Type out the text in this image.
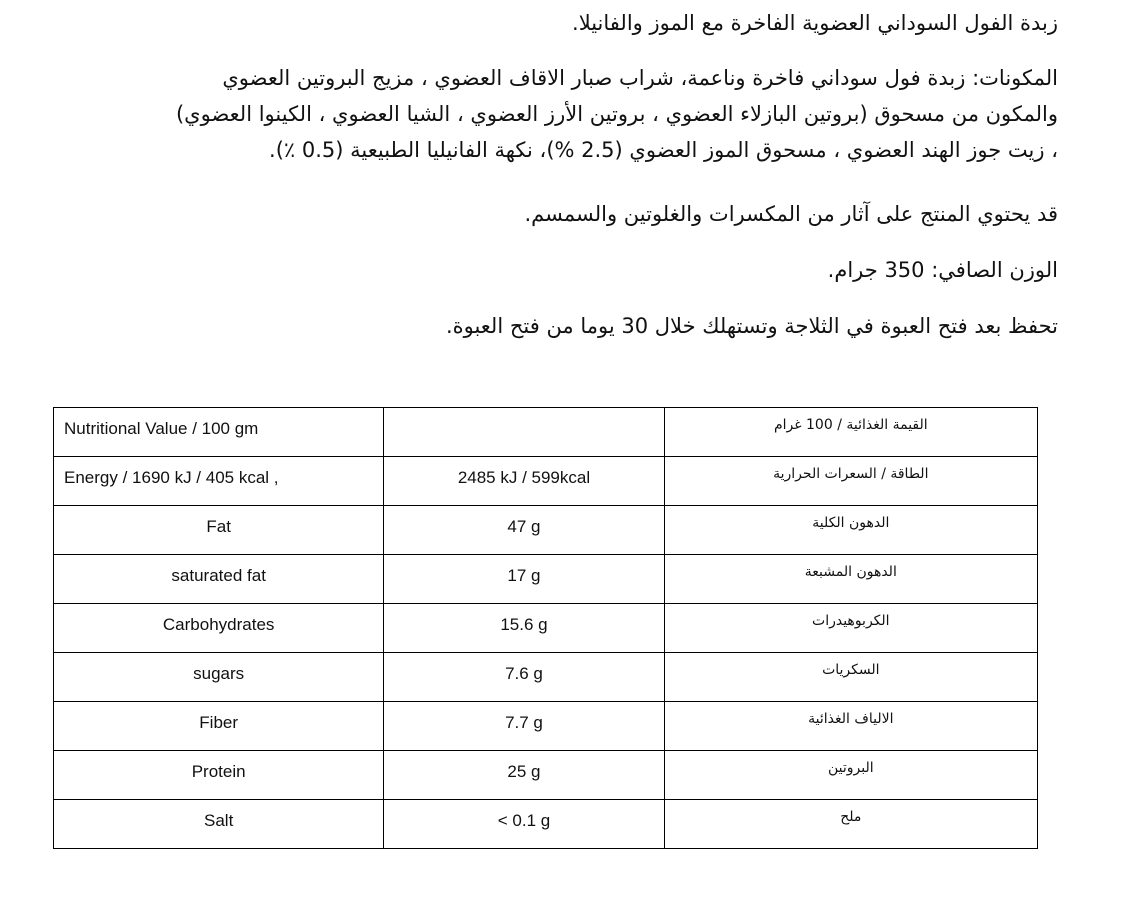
زبدة الفول السوداني العضوية الفاخرة مع الموز والفانيلا.
المكونات: زبدة فول سوداني فاخرة وناعمة، شراب صبار الاقاف العضوي ، مزيج البروتين العضوي
والمكون من مسحوق (بروتين البازلاء العضوي ، بروتين الأرز العضوي ، الشيا العضوي ، الكينوا العضوي)
، زيت جوز الهند العضوي ، مسحوق الموز العضوي (2.5 %)، نكهة الفانيليا الطبيعية (0.5 ٪).
قد يحتوي المنتج على آثار من المكسرات والغلوتين والسمسم.
الوزن الصافي: 350 جرام.
تحفظ بعد فتح العبوة في الثلاجة وتستهلك خلال 30 يوما من فتح العبوة.
Nutritional Value / 100 gm		القيمة الغذائية / 100 غرام

Energy / 1690 kJ / 405 kcal ,	2485 kJ / 599kcal	الطاقة / السعرات الحرارية

Fat	47 g	الدهون الكلية

saturated fat	17 g	الدهون المشبعة

Carbohydrates	15.6 g	الكربوهيدرات

sugars	7.6 g	السكريات

Fiber	7.7 g	الالياف الغذائية

Protein	25 g	البروتين

Salt	< 0.1 g	ملح
